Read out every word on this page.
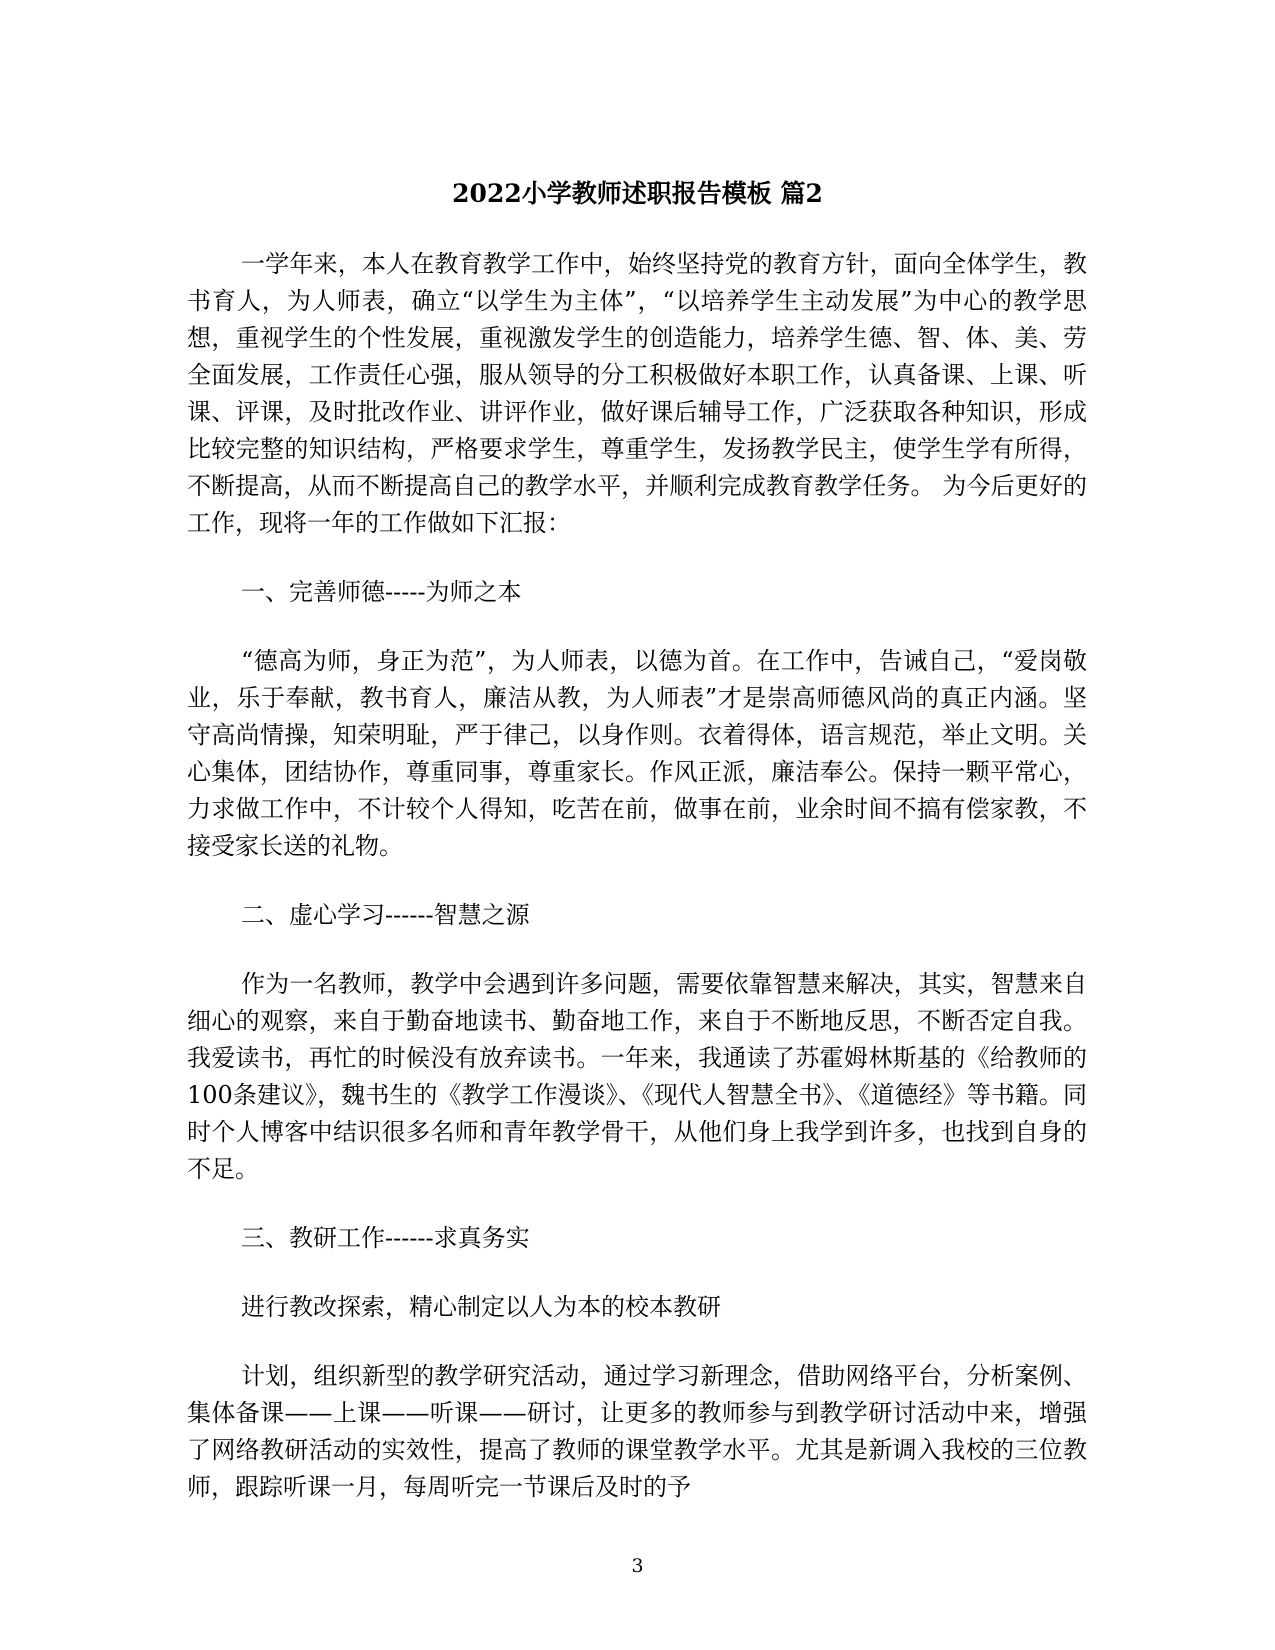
2022小学教师述职报告模板 篇2

一学年来，本人在教育教学工作中，始终坚持党的教育方针，面向全体学生，教书育人，为人师表，确立“以学生为主体”，“以培养学生主动发展”为中心的教学思想，重视学生的个性发展，重视激发学生的创造能力，培养学生德、智、体、美、劳全面发展，工作责任心强，服从领导的分工积极做好本职工作，认真备课、上课、听课、评课，及时批改作业、讲评作业，做好课后辅导工作，广泛获取各种知识，形成比较完整的知识结构，严格要求学生，尊重学生，发扬教学民主，使学生学有所得，不断提高，从而不断提高自己的教学水平，并顺利完成教育教学任务。 为今后更好的工作，现将一年的工作做如下汇报：

一、完善师德-----为师之本

“德高为师，身正为范”，为人师表，以德为首。在工作中，告诫自己，“爱岗敬业，乐于奉献，教书育人，廉洁从教，为人师表”才是崇高师德风尚的真正内涵。坚守高尚情操，知荣明耻，严于律己，以身作则。衣着得体，语言规范，举止文明。关心集体，团结协作，尊重同事，尊重家长。作风正派，廉洁奉公。保持一颗平常心，力求做工作中，不计较个人得知，吃苦在前，做事在前，业余时间不搞有偿家教，不接受家长送的礼物。

二、虚心学习------智慧之源

作为一名教师，教学中会遇到许多问题，需要依靠智慧来解决，其实，智慧来自细心的观察，来自于勤奋地读书、勤奋地工作，来自于不断地反思，不断否定自我。我爱读书，再忙的时候没有放弃读书。一年来，我通读了苏霍姆林斯基的《给教师的100条建议》，魏书生的《教学工作漫谈》、《现代人智慧全书》、《道德经》等书籍。同时个人博客中结识很多名师和青年教学骨干，从他们身上我学到许多，也找到自身的不足。

三、教研工作------求真务实

进行教改探索，精心制定以人为本的校本教研

计划，组织新型的教学研究活动，通过学习新理念，借助网络平台，分析案例、集体备课——上课——听课——研讨，让更多的教师参与到教学研讨活动中来，增强了网络教研活动的实效性，提高了教师的课堂教学水平。尤其是新调入我校的三位教师，跟踪听课一月，每周听完一节课后及时的予

3
